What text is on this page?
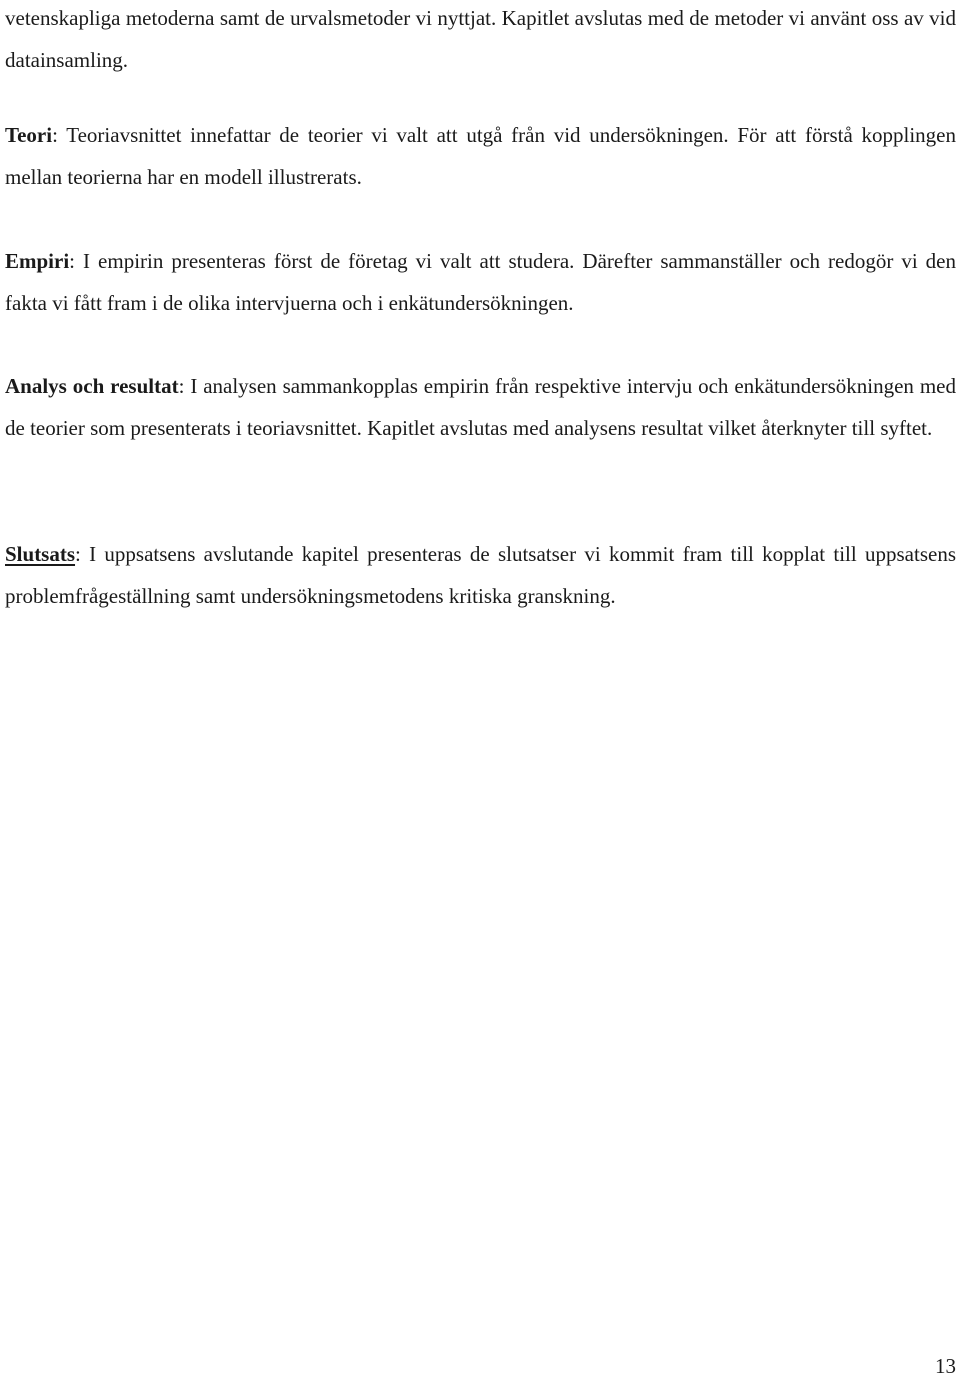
vetenskapliga metoderna samt de urvalsmetoder vi nyttjat. Kapitlet avslutas med de metoder vi använt oss av vid datainsamling.

Teori: Teoriavsnittet innefattar de teorier vi valt att utgå från vid undersökningen. För att förstå kopplingen mellan teorierna har en modell illustrerats.

Empiri: I empirin presenteras först de företag vi valt att studera. Därefter sammanställer och redogör vi den fakta vi fått fram i de olika intervjuerna och i enkätundersökningen.

Analys och resultat: I analysen sammankopplas empirin från respektive intervju och enkätundersökningen med de teorier som presenterats i teoriavsnittet. Kapitlet avslutas med analysens resultat vilket återknyter till syftet.

Slutsats: I uppsatsens avslutande kapitel presenteras de slutsatser vi kommit fram till kopplat till uppsatsens problemfrågeställning samt undersökningsmetodens kritiska granskning.

13
